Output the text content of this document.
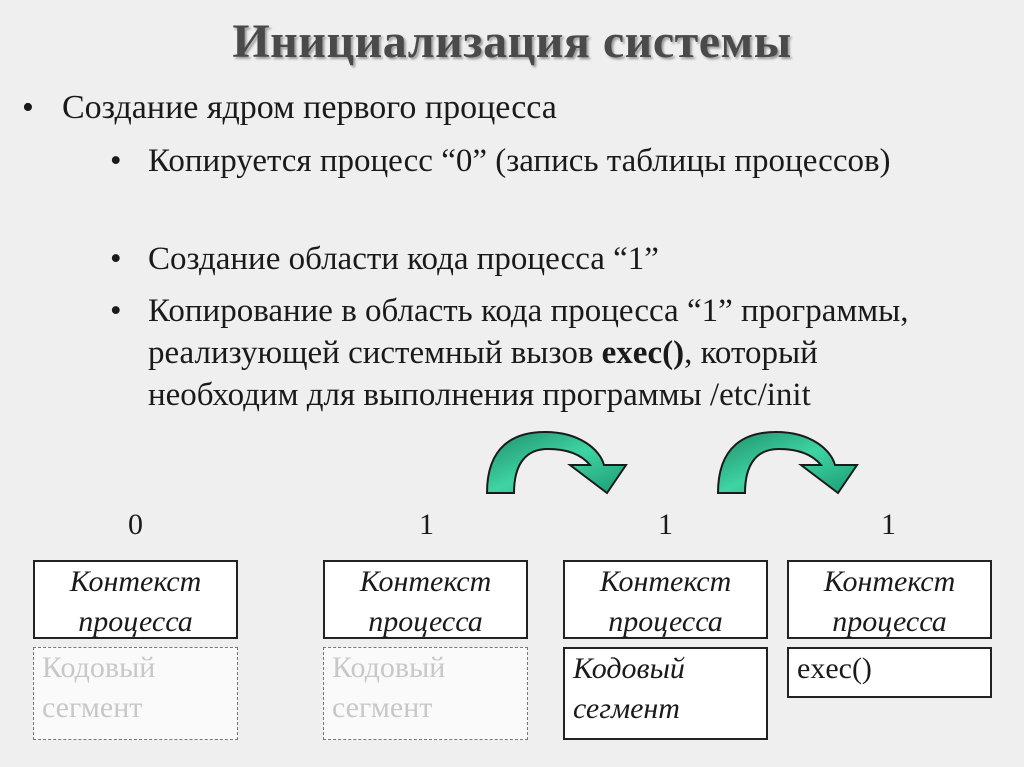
Инициализация системы
• Создание ядром первого процесса
• Копируется процесс “0” (запись таблицы процессов)
• Создание области кода процесса “1”
• Копирование в область кода процесса “1” программы, реализующей системный вызов exec(), который необходим для выполнения программы /etc/init
0
Контекст процесса
Кодовый сегмент
1
Контекст процесса
Кодовый сегмент
1
Контекст процесса
Кодовый сегмент
1
Контекст процесса
exec()
